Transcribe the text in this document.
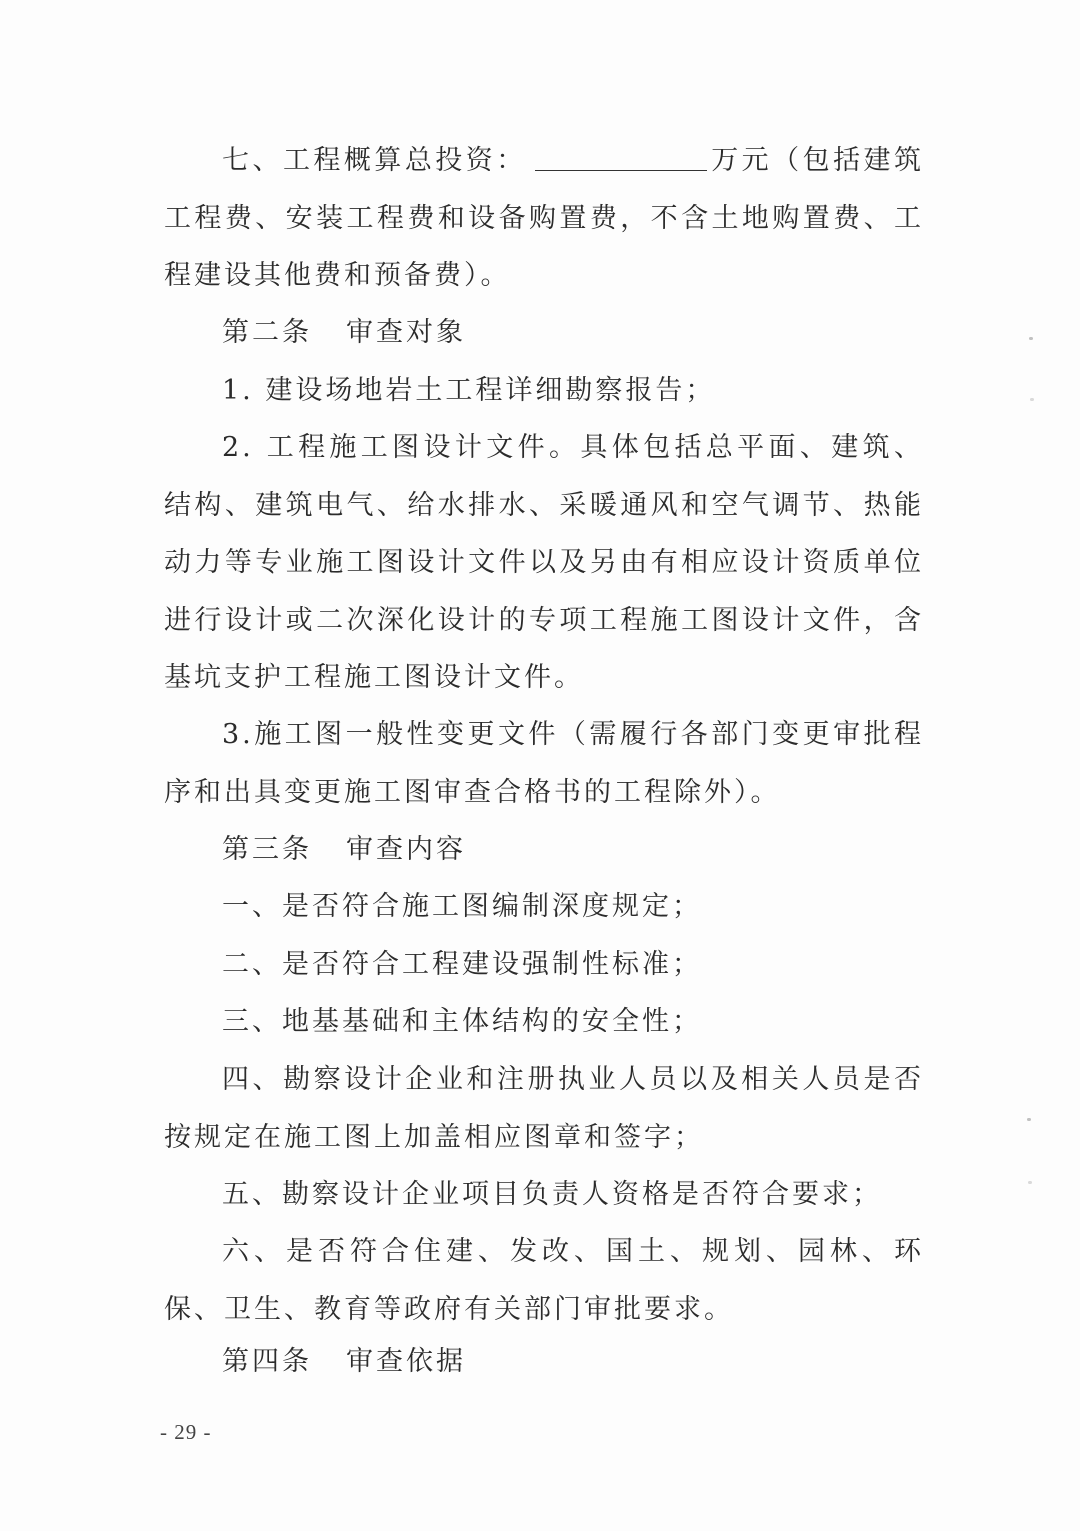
七、工程概算总投资：	万元（包括建筑工程费、安装工程费和设备购置费，不含土地购置费、工程建设其他费和预备费）。

第二条 审查对象

1. 建设场地岩土工程详细勘察报告；

2. 工程施工图设计文件。具体包括总平面、建筑、结构、建筑电气、给水排水、采暖通风和空气调节、热能动力等专业施工图设计文件以及另由有相应设计资质单位进行设计或二次深化设计的专项工程施工图设计文件，含基坑支护工程施工图设计文件。

3.施工图一般性变更文件（需履行各部门变更审批程序和出具变更施工图审查合格书的工程除外）。

第三条 审查内容

一、是否符合施工图编制深度规定；

二、是否符合工程建设强制性标准；

三、地基基础和主体结构的安全性；

四、勘察设计企业和注册执业人员以及相关人员是否按规定在施工图上加盖相应图章和签字；

五、勘察设计企业项目负责人资格是否符合要求；

六、是否符合住建、发改、国土、规划、园林、环保、卫生、教育等政府有关部门审批要求。

第四条 审查依据

- 29 -
